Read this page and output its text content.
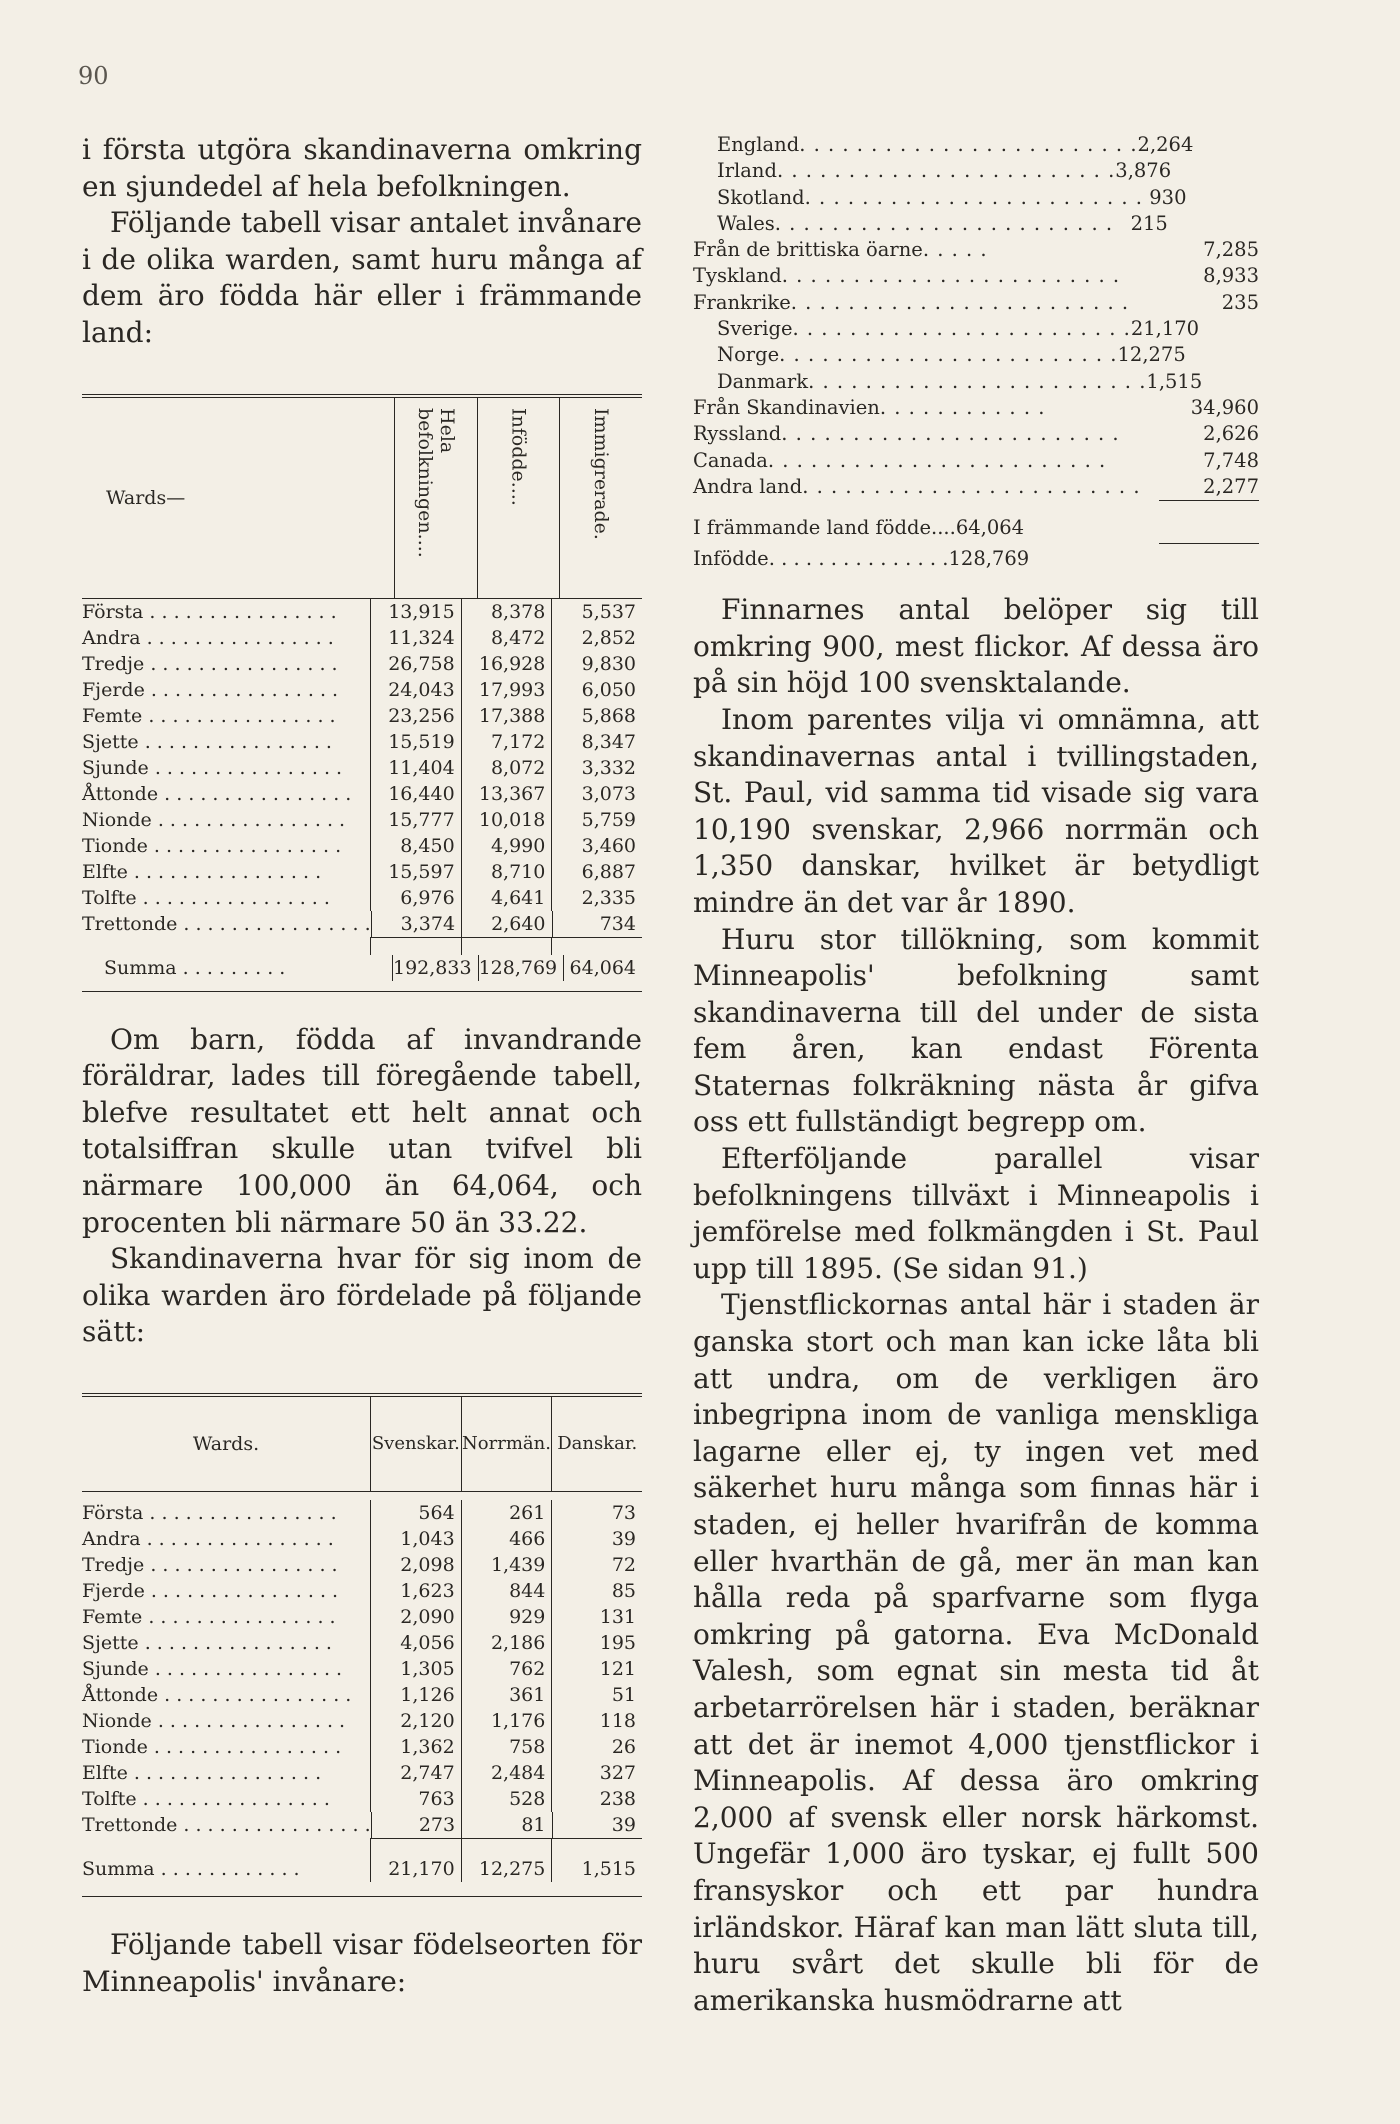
90

i första utgöra skandinaverna omkring en sjundedel af hela befolkningen.

Följande tabell visar antalet invånare i de olika warden, samt huru många af dem äro födda här eller i främmande land:

Wards—
Hela befolkningen....	Infödde....	Immigrerade.
Första . . . . . . . . . . . . . . . .	13,915	8,378	5,537
Andra . . . . . . . . . . . . . . . .	11,324	8,472	2,852
Tredje . . . . . . . . . . . . . . . .	26,758	16,928	9,830
Fjerde . . . . . . . . . . . . . . . .	24,043	17,993	6,050
Femte . . . . . . . . . . . . . . . .	23,256	17,388	5,868
Sjette . . . . . . . . . . . . . . . .	15,519	7,172	8,347
Sjunde . . . . . . . . . . . . . . . .	11,404	8,072	3,332
Åttonde . . . . . . . . . . . . . . . .	16,440	13,367	3,073
Nionde . . . . . . . . . . . . . . . .	15,777	10,018	5,759
Tionde . . . . . . . . . . . . . . . .	8,450	4,990	3,460
Elfte . . . . . . . . . . . . . . . .	15,597	8,710	6,887
Tolfte . . . . . . . . . . . . . . . .	6,976	4,641	2,335
Trettonde . . . . . . . . . . . . . . . .	3,374	2,640	734
Summa . . . . . . . . .	192,833 128,769 64,064

Om barn, födda af invandrande föräldrar, lades till föregående tabell, blefve resultatet ett helt annat och totalsiffran skulle utan tvifvel bli närmare 100,000 än 64,064, och procenten bli närmare 50 än 33.22.

Skandinaverna hvar för sig inom de olika warden äro fördelade på följande sätt:

Wards.	Svenskar. Norrmän. Danskar.
Första . . . . . . . . . . . . . . . .	564	261	73
Andra . . . . . . . . . . . . . . . .	1,043	466	39
Tredje . . . . . . . . . . . . . . . .	2,098	1,439	72
Fjerde . . . . . . . . . . . . . . . .	1,623	844	85
Femte . . . . . . . . . . . . . . . .	2,090	929	131
Sjette . . . . . . . . . . . . . . . .	4,056	2,186	195
Sjunde . . . . . . . . . . . . . . . .	1,305	762	121
Åttonde . . . . . . . . . . . . . . . .	1,126	361	51
Nionde . . . . . . . . . . . . . . . .	2,120	1,176	118
Tionde . . . . . . . . . . . . . . . .	1,362	758	26
Elfte . . . . . . . . . . . . . . . .	2,747	2,484	327
Tolfte . . . . . . . . . . . . . . . .	763	528	238
Trettonde . . . . . . . . . . . . . . . .	273	81	39
Summa . . . . . . . . . . . .	21,170	12,275	1,515

Följande tabell visar födelseorten för Minneapolis' invånare:

England . . . . . . . . . . . . . . . . . . . . . . . . 2,264
Irland . . . . . . . . . . . . . . . . . . . . . . . . 3,876
Skotland . . . . . . . . . . . . . . . . . . . . . . . . 930
Wales . . . . . . . . . . . . . . . . . . . . . . . . 215
Från de brittiska öarne . . . . .	7,285
Tyskland . . . . . . . . . . . . . . . . . . . . . . . .	8,933
Frankrike . . . . . . . . . . . . . . . . . . . . . . . .	235
Sverige . . . . . . . . . . . . . . . . . . . . . . . . 21,170
Norge . . . . . . . . . . . . . . . . . . . . . . . . 12,275
Danmark . . . . . . . . . . . . . . . . . . . . . . . . 1,515
Från Skandinavien . . . . . . . . . . . .	34,960
Ryssland . . . . . . . . . . . . . . . . . . . . . . . .	2,626
Canada . . . . . . . . . . . . . . . . . . . . . . . .	7,748
Andra land . . . . . . . . . . . . . . . . . . . . . . . .	2,277
I främmande land födde.... 64,064
Infödde . . . . . . . . . . . . . . . 128,769

Finnarnes antal belöper sig till omkring 900, mest flickor. Af dessa äro på sin höjd 100 svensktalande.

Inom parentes vilja vi omnämna, att skandinavernas antal i tvillingstaden, St. Paul, vid samma tid visade sig vara 10,190 svenskar, 2,966 norrmän och 1,350 danskar, hvilket är betydligt mindre än det var år 1890.

Huru stor tillökning, som kommit Minneapolis' befolkning samt skandinaverna till del under de sista fem åren, kan endast Förenta Staternas folkräkning nästa år gifva oss ett fullständigt begrepp om.

Efterföljande parallel visar befolkningens tillväxt i Minneapolis i jemförelse med folkmängden i St. Paul upp till 1895. (Se sidan 91.)

Tjenstflickornas antal här i staden är ganska stort och man kan icke låta bli att undra, om de verkligen äro inbegripna inom de vanliga menskliga lagarne eller ej, ty ingen vet med säkerhet huru många som finnas här i staden, ej heller hvarifrån de komma eller hvarthän de gå, mer än man kan hålla reda på sparfvarne som flyga omkring på gatorna. Eva McDonald Valesh, som egnat sin mesta tid åt arbetarrörelsen här i staden, beräknar att det är inemot 4,000 tjenstflickor i Minneapolis. Af dessa äro omkring 2,000 af svensk eller norsk härkomst. Ungefär 1,000 äro tyskar, ej fullt 500 fransyskor och ett par hundra irländskor. Häraf kan man lätt sluta till, huru svårt det skulle bli för de amerikanska husmödrarne att
